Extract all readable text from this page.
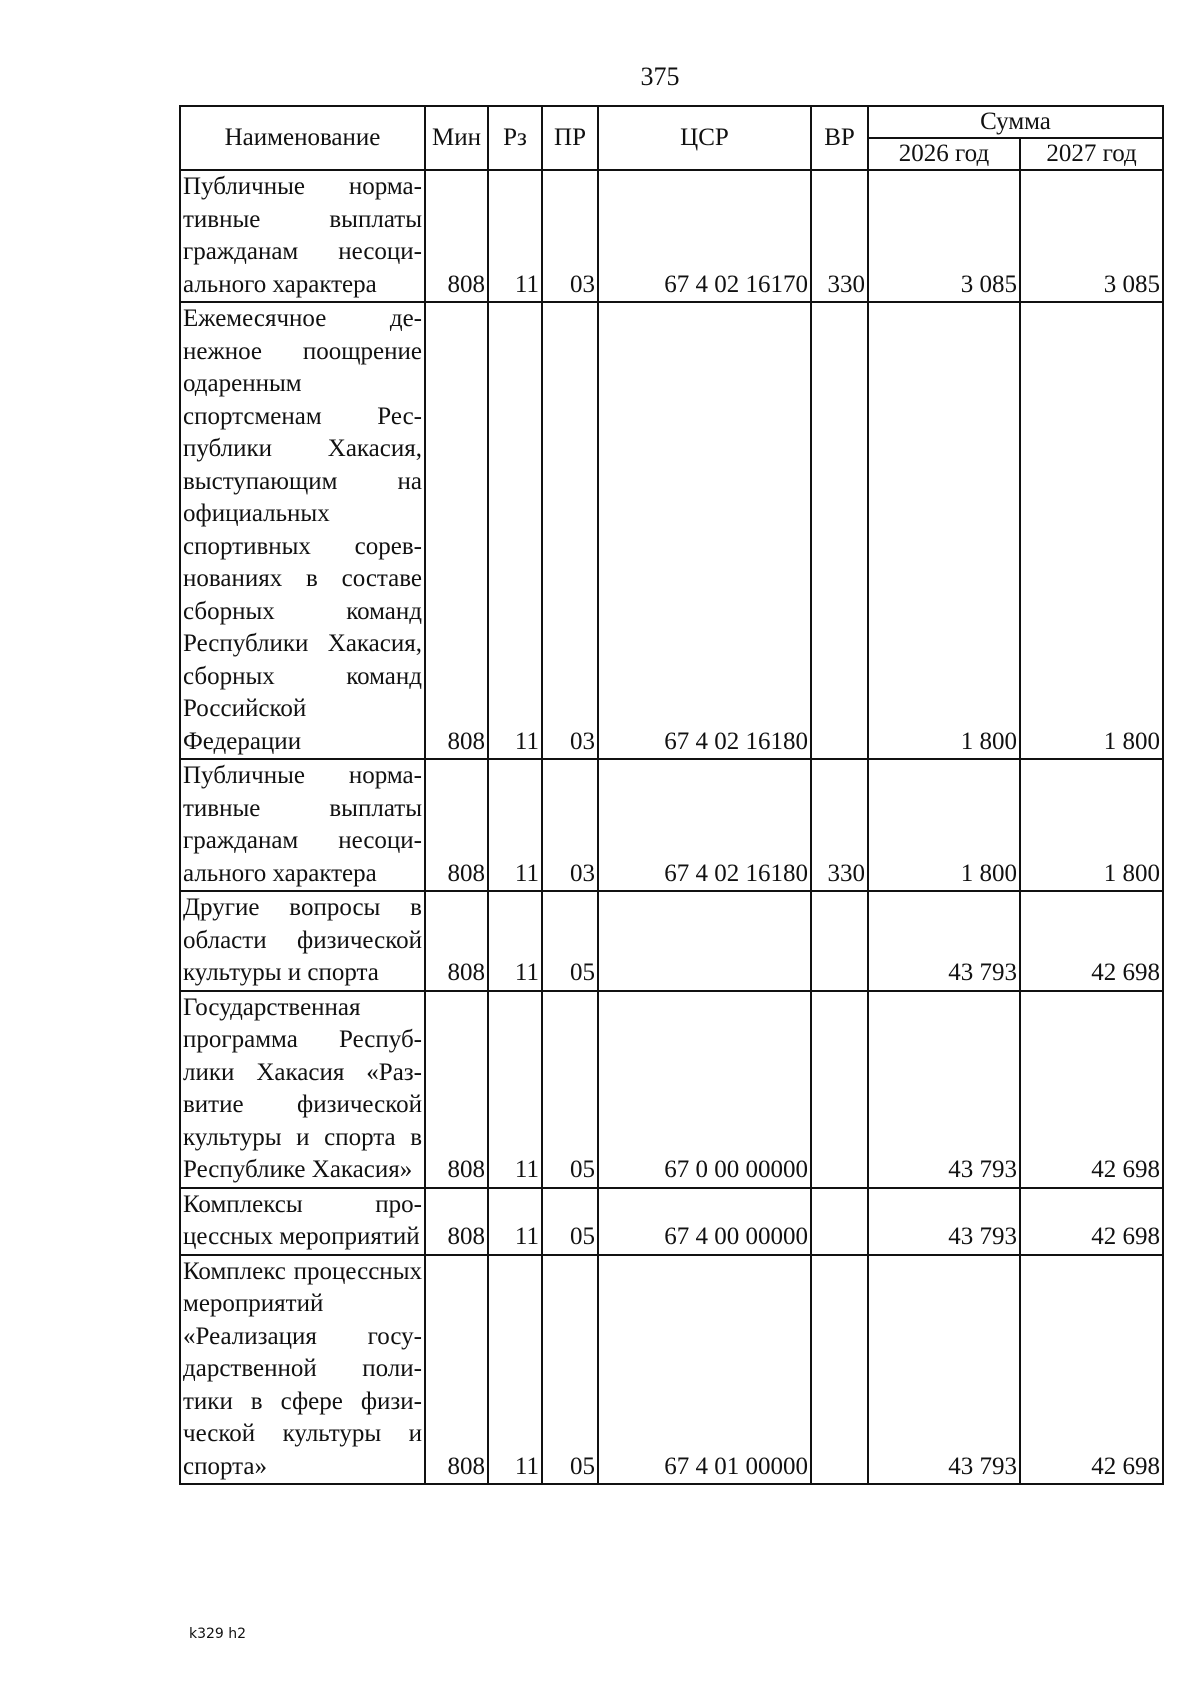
375
Наименование	Мин	Рз	ПР	ЦСР	ВР	Сумма	
						2026 год	2027 год
Публичные нормативные выплаты гражданам несоциального характера	808	11	03	67 4 02 16170	330	3 085	3 085
Ежемесячное денежное поощрение одаренным спортсменам Республики Хакасия, выступающим на официальных спортивных соревнованиях в составе сборных команд Республики Хакасия, сборных команд Российской Федерации	808	11	03	67 4 02 16180		1 800	1 800
Публичные нормативные выплаты гражданам несоциального характера	808	11	03	67 4 02 16180	330	1 800	1 800
Другие вопросы в области физической культуры и спорта	808	11	05			43 793	42 698
Государственная программа Республики Хакасия «Развитие физической культуры и спорта в Республике Хакасия»	808	11	05	67 0 00 00000		43 793	42 698
Комплексы процессных мероприятий	808	11	05	67 4 00 00000		43 793	42 698
Комплекс процессных мероприятий «Реализация государственной политики в сфере физической культуры и спорта»	808	11	05	67 4 01 00000		43 793	42 698
k329 h2
